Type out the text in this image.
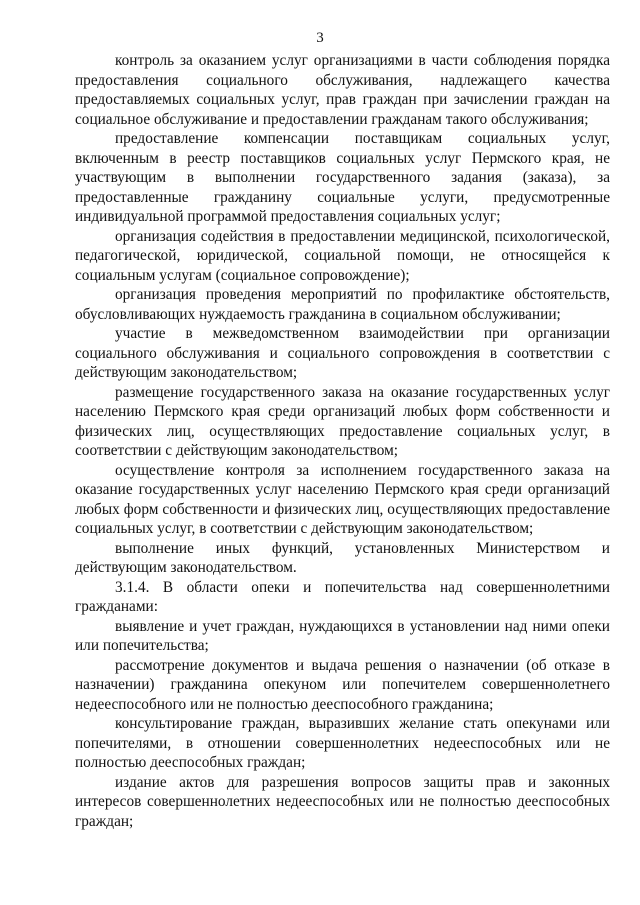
3

контроль за оказанием услуг организациями в части соблюдения порядка предоставления социального обслуживания, надлежащего качества предоставляемых социальных услуг, прав граждан при зачислении граждан на социальное обслуживание и предоставлении гражданам такого обслуживания;

предоставление компенсации поставщикам социальных услуг, включенным в реестр поставщиков социальных услуг Пермского края, не участвующим в выполнении государственного задания (заказа), за предоставленные гражданину социальные услуги, предусмотренные индивидуальной программой предоставления социальных услуг;

организация содействия в предоставлении медицинской, психологической, педагогической, юридической, социальной помощи, не относящейся к социальным услугам (социальное сопровождение);

организация проведения мероприятий по профилактике обстоятельств, обусловливающих нуждаемость гражданина в социальном обслуживании;

участие в межведомственном взаимодействии при организации социального обслуживания и социального сопровождения в соответствии с действующим законодательством;

размещение государственного заказа на оказание государственных услуг населению Пермского края среди организаций любых форм собственности и физических лиц, осуществляющих предоставление социальных услуг, в соответствии с действующим законодательством;

осуществление контроля за исполнением государственного заказа на оказание государственных услуг населению Пермского края среди организаций любых форм собственности и физических лиц, осуществляющих предоставление социальных услуг, в соответствии с действующим законодательством;

выполнение иных функций, установленных Министерством и действующим законодательством.

3.1.4. В области опеки и попечительства над совершеннолетними гражданами:

выявление и учет граждан, нуждающихся в установлении над ними опеки или попечительства;

рассмотрение документов и выдача решения о назначении (об отказе в назначении) гражданина опекуном или попечителем совершеннолетнего недееспособного или не полностью дееспособного гражданина;

консультирование граждан, выразивших желание стать опекунами или попечителями, в отношении совершеннолетних недееспособных или не полностью дееспособных граждан;

издание актов для разрешения вопросов защиты прав и законных интересов совершеннолетних недееспособных или не полностью дееспособных граждан;
